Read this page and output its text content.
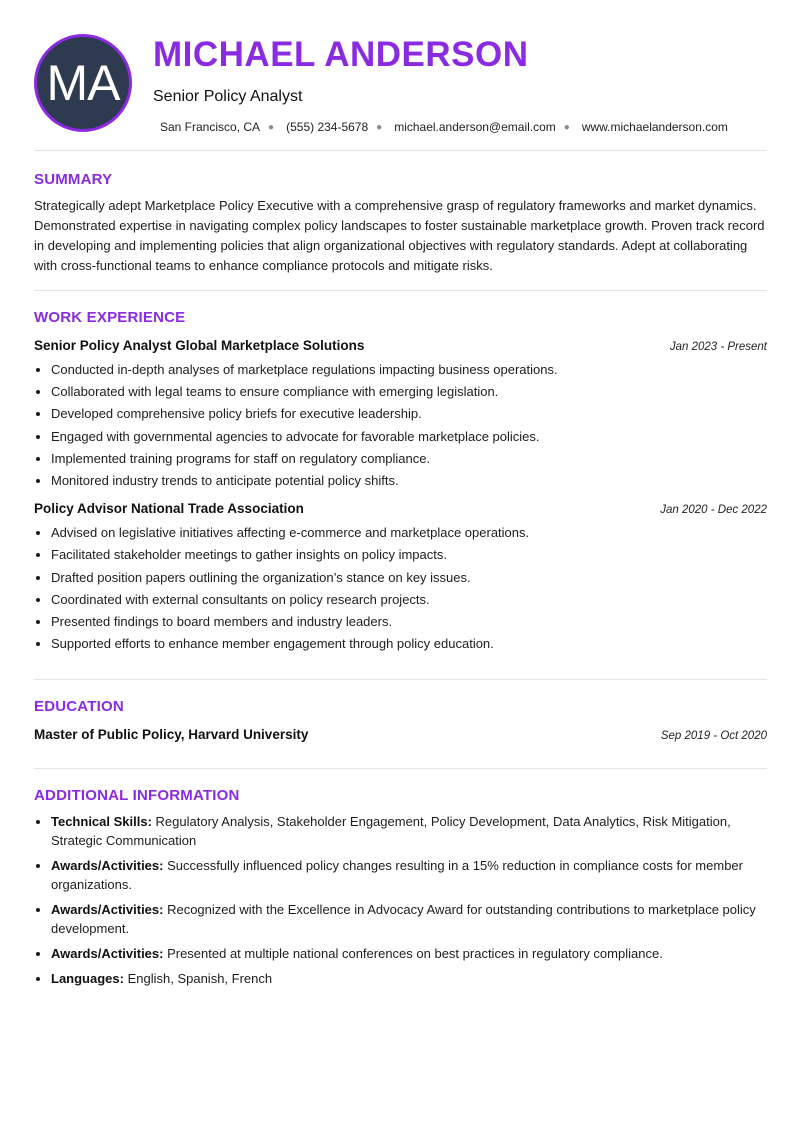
MA
MICHAEL ANDERSON
Senior Policy Analyst
San Francisco, CA ● (555) 234-5678 ● michael.anderson@email.com ● www.michaelanderson.com
SUMMARY

Strategically adept Marketplace Policy Executive with a comprehensive grasp of regulatory frameworks and market dynamics. Demonstrated expertise in navigating complex policy landscapes to foster sustainable marketplace growth. Proven track record in developing and implementing policies that align organizational objectives with regulatory standards. Adept at collaborating with cross-functional teams to enhance compliance protocols and mitigate risks.

WORK EXPERIENCE
Senior Policy Analyst Global Marketplace Solutions	Jan 2023 - Present
• Conducted in-depth analyses of marketplace regulations impacting business operations.
• Collaborated with legal teams to ensure compliance with emerging legislation.
• Developed comprehensive policy briefs for executive leadership.
• Engaged with governmental agencies to advocate for favorable marketplace policies.
• Implemented training programs for staff on regulatory compliance.
• Monitored industry trends to anticipate potential policy shifts.
Policy Advisor National Trade Association	Jan 2020 - Dec 2022
• Advised on legislative initiatives affecting e-commerce and marketplace operations.
• Facilitated stakeholder meetings to gather insights on policy impacts.
• Drafted position papers outlining the organization’s stance on key issues.
• Coordinated with external consultants on policy research projects.
• Presented findings to board members and industry leaders.
• Supported efforts to enhance member engagement through policy education.
EDUCATION
Master of Public Policy, Harvard University	Sep 2019 - Oct 2020
ADDITIONAL INFORMATION
• Technical Skills: Regulatory Analysis, Stakeholder Engagement, Policy Development, Data Analytics, Risk Mitigation, Strategic Communication
• Awards/Activities: Successfully influenced policy changes resulting in a 15% reduction in compliance costs for member organizations.
• Awards/Activities: Recognized with the Excellence in Advocacy Award for outstanding contributions to marketplace policy development.
• Awards/Activities: Presented at multiple national conferences on best practices in regulatory compliance.
• Languages: English, Spanish, French
